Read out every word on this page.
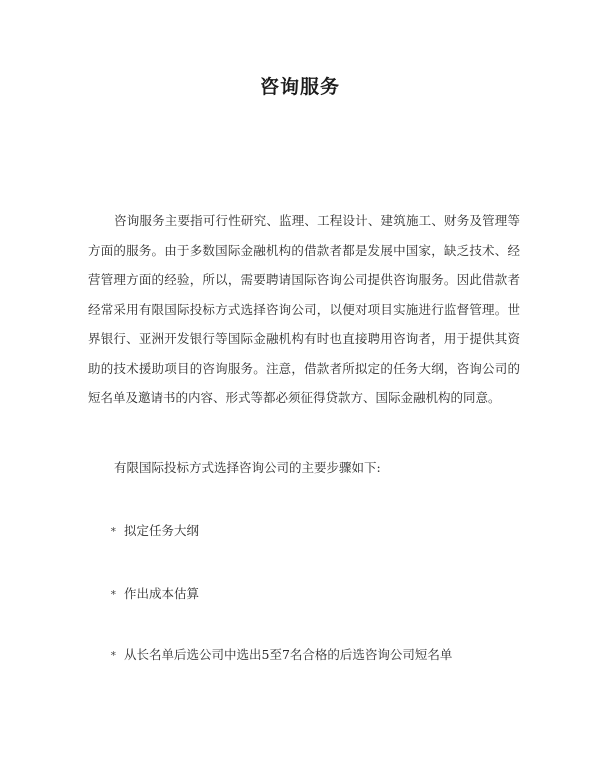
咨询服务

咨询服务主要指可行性研究、监理、工程设计、建筑施工、财务及管理等方面的服务。由于多数国际金融机构的借款者都是发展中国家，缺乏技术、经营管理方面的经验，所以，需要聘请国际咨询公司提供咨询服务。因此借款者经常采用有限国际投标方式选择咨询公司，以便对项目实施进行监督管理。世界银行、亚洲开发银行等国际金融机构有时也直接聘用咨询者，用于提供其资助的技术援助项目的咨询服务。注意，借款者所拟定的任务大纲，咨询公司的短名单及邀请书的内容、形式等都必须征得贷款方、国际金融机构的同意。

有限国际投标方式选择咨询公司的主要步骤如下:

* 拟定任务大纲

* 作出成本估算

* 从长名单后选公司中选出5至7名合格的后选咨询公司短名单
